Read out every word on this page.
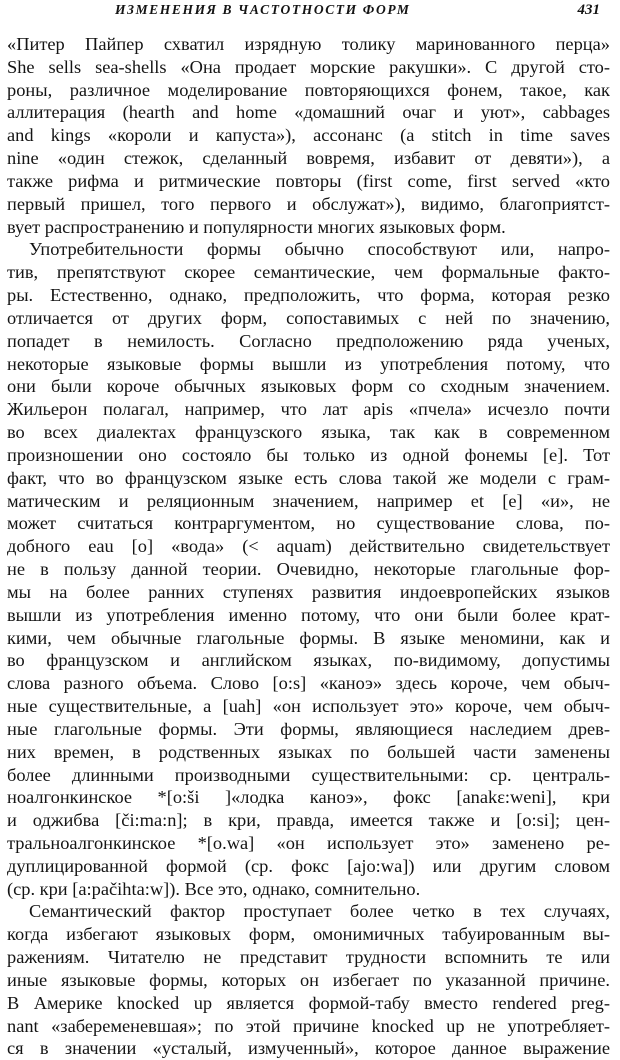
ИЗМЕНЕНИЯ В ЧАСТОТНОСТИ ФОРМ	431
«Питер Пайпер схватил изрядную толику маринованного перца»
She sells sea-shells «Она продает морские ракушки». С другой сто-
роны, различное моделирование повторяющихся фонем, такое, как
аллитерация (hearth and home «домашний очаг и уют», cabbages
and kings «короли и капуста»), ассонанс (a stitch in time saves
nine «один стежок, сделанный вовремя, избавит от девяти»), а
также рифма и ритмические повторы (first come, first served «кто
первый пришел, того первого и обслужат»), видимо, благоприятст-
вует распространению и популярности многих языковых форм.
Употребительности формы обычно способствуют или, напро-
тив, препятствуют скорее семантические, чем формальные факто-
ры. Естественно, однако, предположить, что форма, которая резко
отличается от других форм, сопоставимых с ней по значению,
попадет в немилость. Согласно предположению ряда ученых,
некоторые языковые формы вышли из употребления потому, что
они были короче обычных языковых форм со сходным значением.
Жильерон полагал, например, что лат apis «пчела» исчезло почти
во всех диалектах французского языка, так как в современном
произношении оно состояло бы только из одной фонемы [e]. Тот
факт, что во французском языке есть слова такой же модели с грам-
матическим и реляционным значением, например et [e] «и», не
может считаться контраргументом, но существование слова, по-
добного eau [o] «вода» (< aquam) действительно свидетельствует
не в пользу данной теории. Очевидно, некоторые глагольные фор-
мы на более ранних ступенях развития индоевропейских языков
вышли из употребления именно потому, что они были более крат-
кими, чем обычные глагольные формы. В языке меномини, как и
во французском и английском языках, по-видимому, допустимы
слова разного объема. Слово [o:s] «каноэ» здесь короче, чем обыч-
ные существительные, а [uah] «он использует это» короче, чем обыч-
ные глагольные формы. Эти формы, являющиеся наследием древ-
них времен, в родственных языках по большей части заменены
более длинными производными существительными: ср. централь-
ноалгонкинское *[o:ši ]«лодка каноэ», фокс [anakε:weni], кри
и оджибва [či:ma:n]; в кри, правда, имеется также и [o:si]; цен-
тральноалгонкинское *[o.wa] «он использует это» заменено ре-
дуплицированной формой (ср. фокс [ajo:wa]) или другим словом
(ср. кри [a:pačihta:w]). Все это, однако, сомнительно.
Семантический фактор проступает более четко в тех случаях,
когда избегают языковых форм, омонимичных табуированным вы-
ражениям. Читателю не представит трудности вспомнить те или
иные языковые формы, которых он избегает по указанной причине.
В Америке knocked up является формой-табу вместо rendered preg-
nant «забеременевшая»; по этой причине knocked up не употребляет-
ся в значении «усталый, измученный», которое данное выражение
